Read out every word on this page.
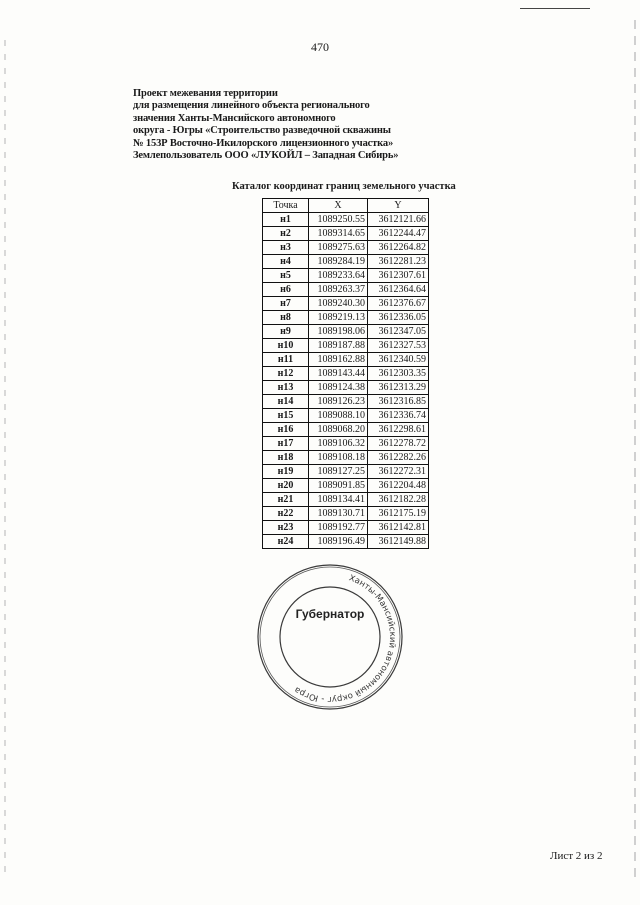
470
Проект межевания территории
для размещения линейного объекта регионального
значения Ханты-Мансийского автономного
округа - Югры «Строительство разведочной скважины
№ 153Р Восточно-Икилорского лицензионного участка»
Землепользователь ООО «ЛУКОЙЛ – Западная Сибирь»
Каталог координат границ земельного участка
Точка	X	Y
н1	1089250.55	3612121.66
н2	1089314.65	3612244.47
н3	1089275.63	3612264.82
н4	1089284.19	3612281.23
н5	1089233.64	3612307.61
н6	1089263.37	3612364.64
н7	1089240.30	3612376.67
н8	1089219.13	3612336.05
н9	1089198.06	3612347.05
н10	1089187.88	3612327.53
н11	1089162.88	3612340.59
н12	1089143.44	3612303.35
н13	1089124.38	3612313.29
н14	1089126.23	3612316.85
н15	1089088.10	3612336.74
н16	1089068.20	3612298.61
н17	1089106.32	3612278.72
н18	1089108.18	3612282.26
н19	1089127.25	3612272.31
н20	1089091.85	3612204.48
н21	1089134.41	3612182.28
н22	1089130.71	3612175.19
н23	1089192.77	3612142.81
н24	1089196.49	3612149.88
Ханты-Мансийский автономный округ - Югра
Губернатор
Лист 2 из 2
